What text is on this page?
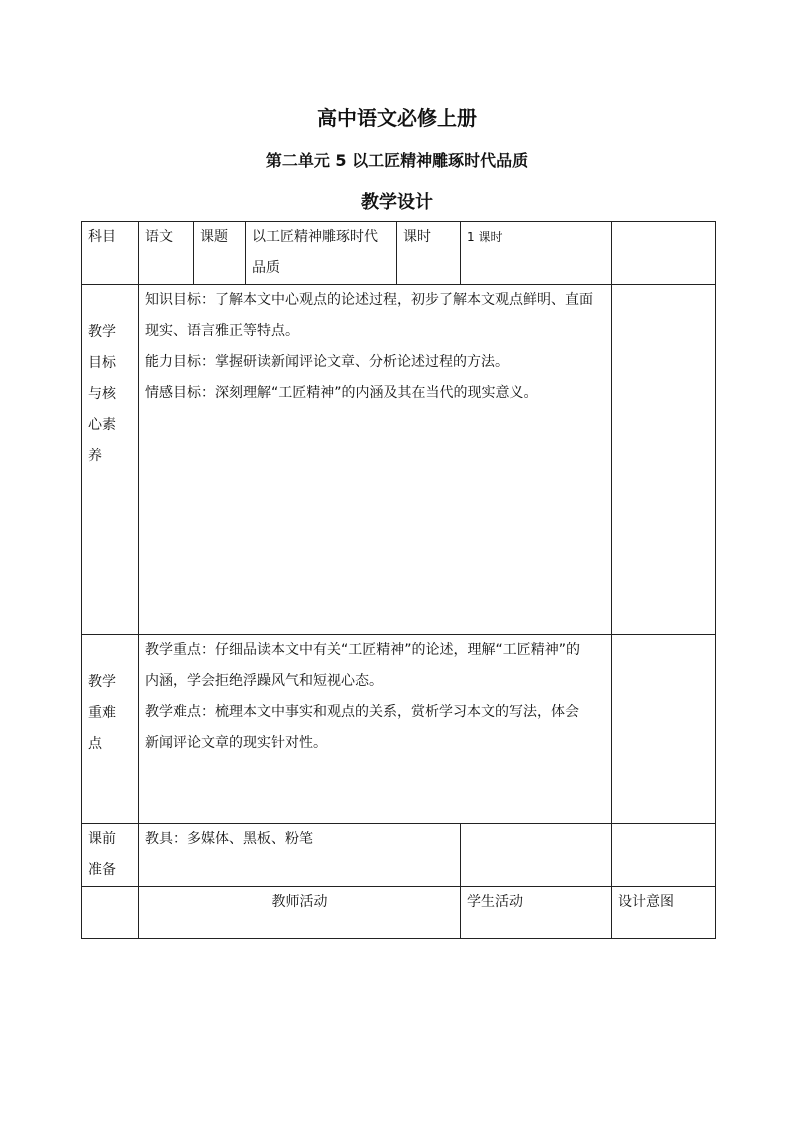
高中语文必修上册
第二单元 5 以工匠精神雕琢时代品质
教学设计
科目	语文	课题	以工匠精神雕琢时代品质	课时	1 课时	

教学目标与核心素养	知识目标：了解本文中心观点的论述过程，初步了解本文观点鲜明、直面现实、语言雅正等特点。
能力目标：掌握研读新闻评论文章、分析论述过程的方法。
情感目标：深刻理解“工匠精神”的内涵及其在当代的现实意义。					

教学重难点	教学重点：仔细品读本文中有关“工匠精神”的论述，理解“工匠精神”的内涵，学会拒绝浮躁风气和短视心态。
教学难点：梳理本文中事实和观点的关系，赏析学习本文的写法，体会新闻评论文章的现实针对性。					

课前准备	教具：多媒体、黑板、粉笔					
	教师活动				学生活动	设计意图
